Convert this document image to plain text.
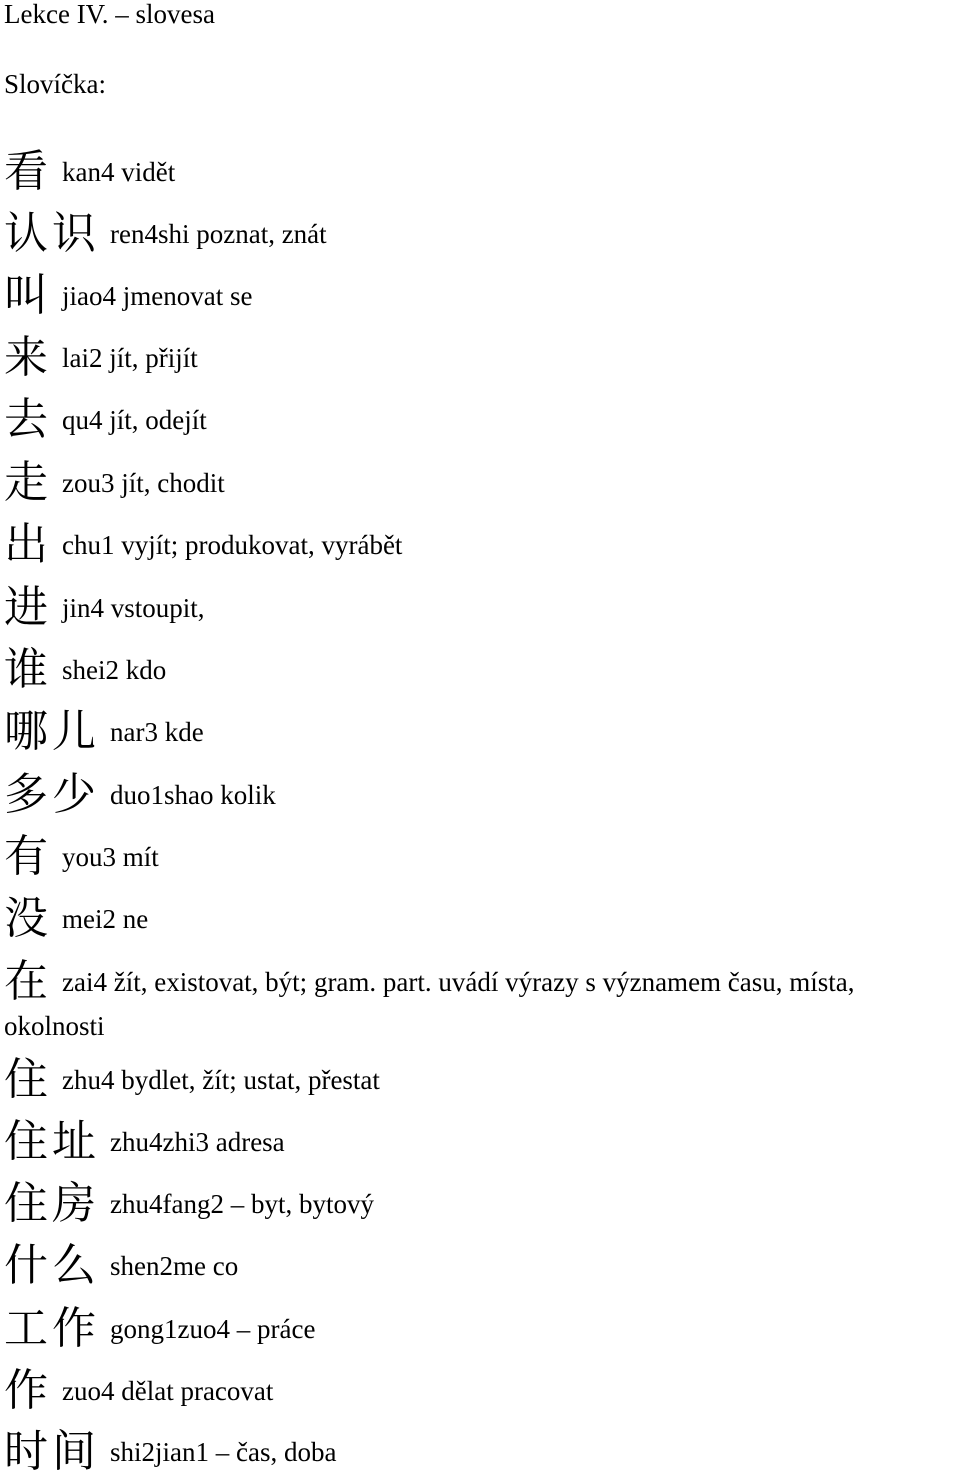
Lekce IV. – slovesa
Slovíčka:
看 kan4 vidět
认识 ren4shi poznat, znát
叫 jiao4 jmenovat se
来 lai2 jít, přijít
去 qu4 jít, odejít
走 zou3 jít, chodit
出 chu1 vyjít; produkovat, vyrábět
进 jin4 vstoupit,
谁 shei2 kdo
哪儿 nar3 kde
多少 duo1shao kolik
有 you3 mít
没 mei2 ne
在 zai4 žít, existovat, být; gram. part. uvádí výrazy s významem času, místa,
okolnosti
住 zhu4 bydlet, žít; ustat, přestat
住址 zhu4zhi3 adresa
住房 zhu4fang2 – byt, bytový
什么 shen2me co
工作 gong1zuo4 – práce
作 zuo4 dělat pracovat
时间 shi2jian1 – čas, doba
